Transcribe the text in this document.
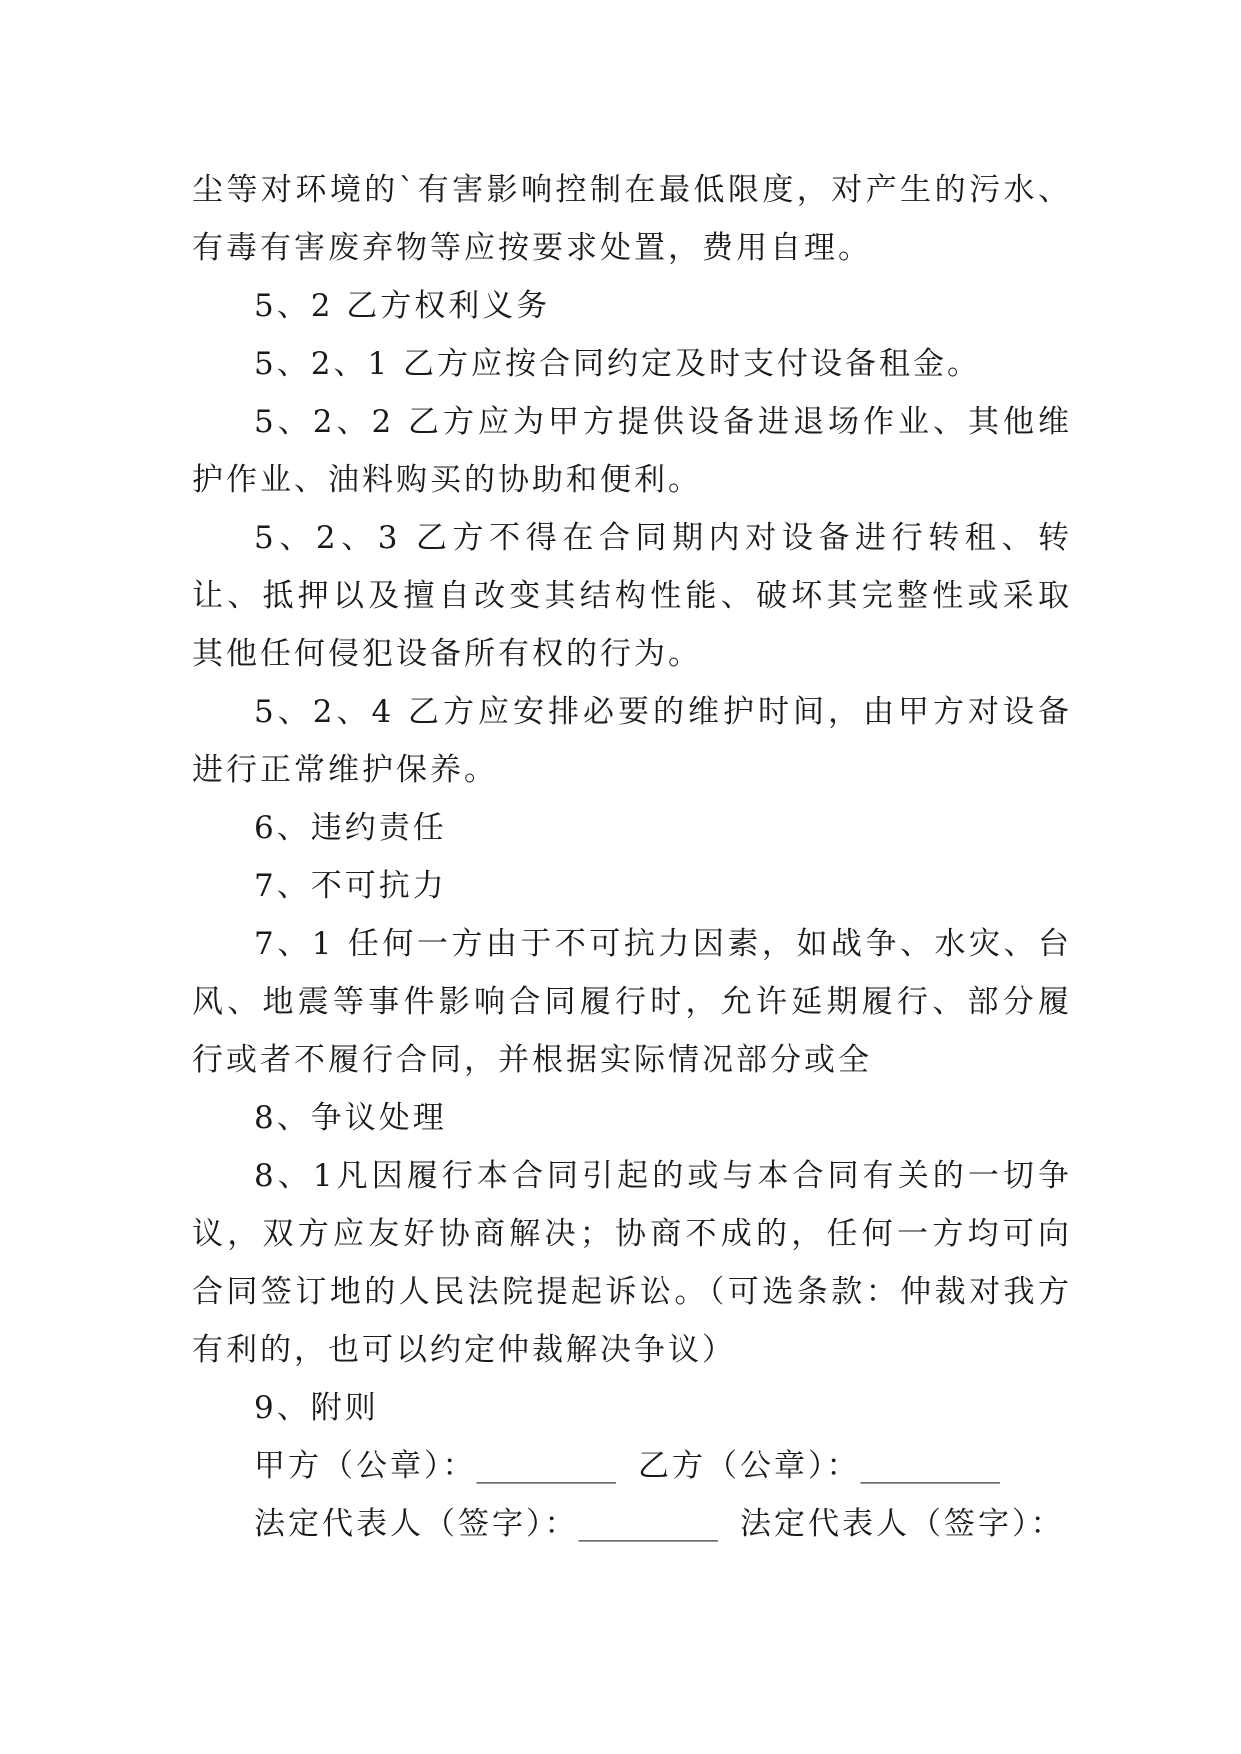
尘等对环境的`有害影响控制在最低限度，对产生的污水、有毒有害废弃物等应按要求处置，费用自理。

5、2 乙方权利义务

5、2、1 乙方应按合同约定及时支付设备租金。

5、2、2 乙方应为甲方提供设备进退场作业、其他维护作业、油料购买的协助和便利。

5、2、3 乙方不得在合同期内对设备进行转租、转让、抵押以及擅自改变其结构性能、破坏其完整性或采取其他任何侵犯设备所有权的行为。

5、2、4 乙方应安排必要的维护时间，由甲方对设备进行正常维护保养。

6、违约责任

7、不可抗力

7、1 任何一方由于不可抗力因素，如战争、水灾、台风、地震等事件影响合同履行时，允许延期履行、部分履行或者不履行合同，并根据实际情况部分或全

8、争议处理

8、1凡因履行本合同引起的或与本合同有关的一切争议，双方应友好协商解决；协商不成的，任何一方均可向合同签订地的人民法院提起诉讼。（可选条款：仲裁对我方有利的，也可以约定仲裁解决争议）

9、附则

甲方（公章）：_________ 乙方（公章）：_________

法定代表人（签字）：_________ 法定代表人（签字）：
